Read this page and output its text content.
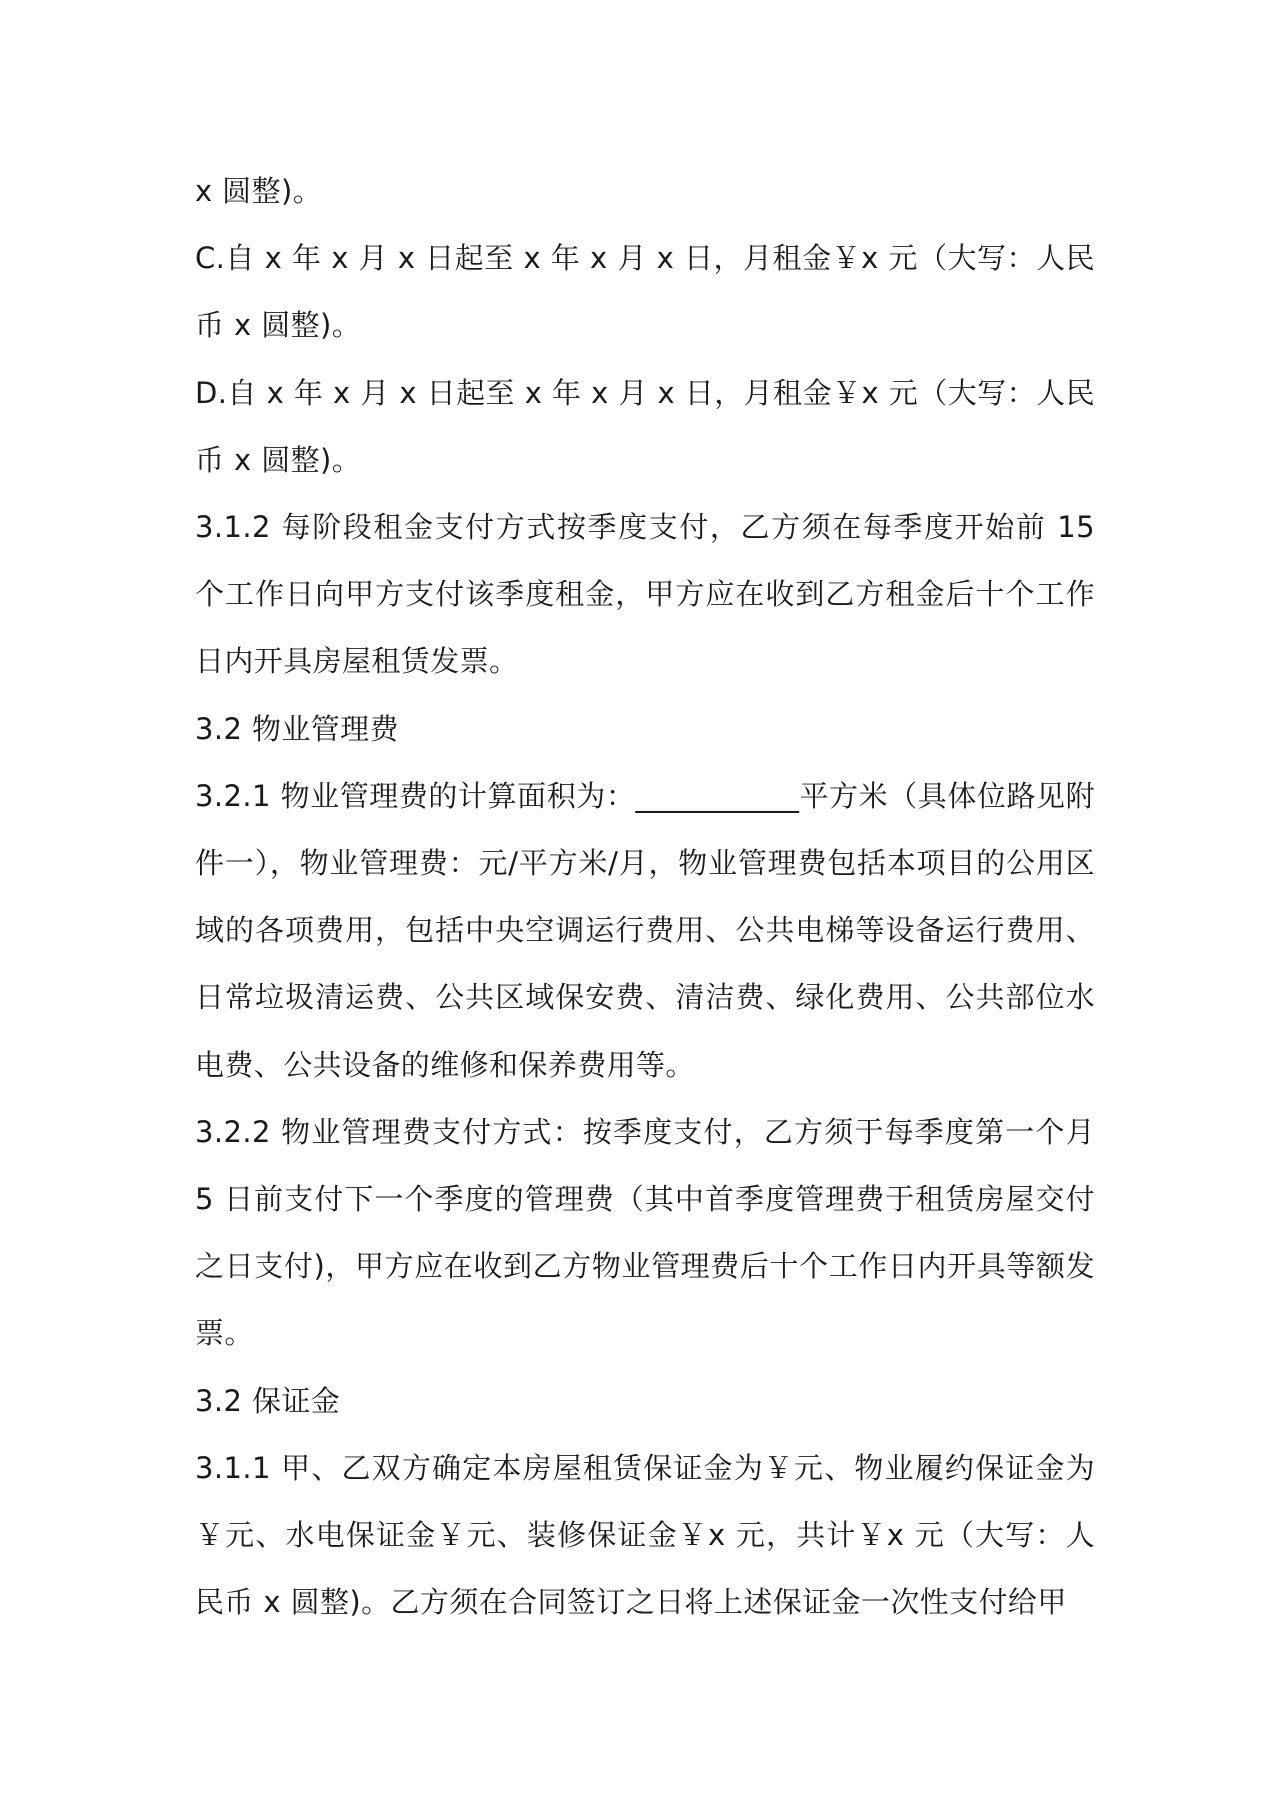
x 圆整)。

C.自 x 年 x 月 x 日起至 x 年 x 月 x 日，月租金￥x 元（大写：人民币 x 圆整)。

D.自 x 年 x 月 x 日起至 x 年 x 月 x 日，月租金￥x 元（大写：人民币 x 圆整)。

3.1.2 每阶段租金支付方式按季度支付，乙方须在每季度开始前 15 个工作日向甲方支付该季度租金，甲方应在收到乙方租金后十个工作日内开具房屋租赁发票。

3.2 物业管理费

3.2.1 物业管理费的计算面积为：___________平方米（具体位路见附件一），物业管理费：元/平方米/月，物业管理费包括本项目的公用区域的各项费用，包括中央空调运行费用、公共电梯等设备运行费用、日常垃圾清运费、公共区域保安费、清洁费、绿化费用、公共部位水电费、公共设备的维修和保养费用等。

3.2.2 物业管理费支付方式：按季度支付，乙方须于每季度第一个月 5 日前支付下一个季度的管理费（其中首季度管理费于租赁房屋交付之日支付)，甲方应在收到乙方物业管理费后十个工作日内开具等额发票。

3.2 保证金

3.1.1 甲、乙双方确定本房屋租赁保证金为￥元、物业履约保证金为￥元、水电保证金￥元、装修保证金￥x 元，共计￥x 元（大写：人民币 x 圆整)。乙方须在合同签订之日将上述保证金一次性支付给甲
